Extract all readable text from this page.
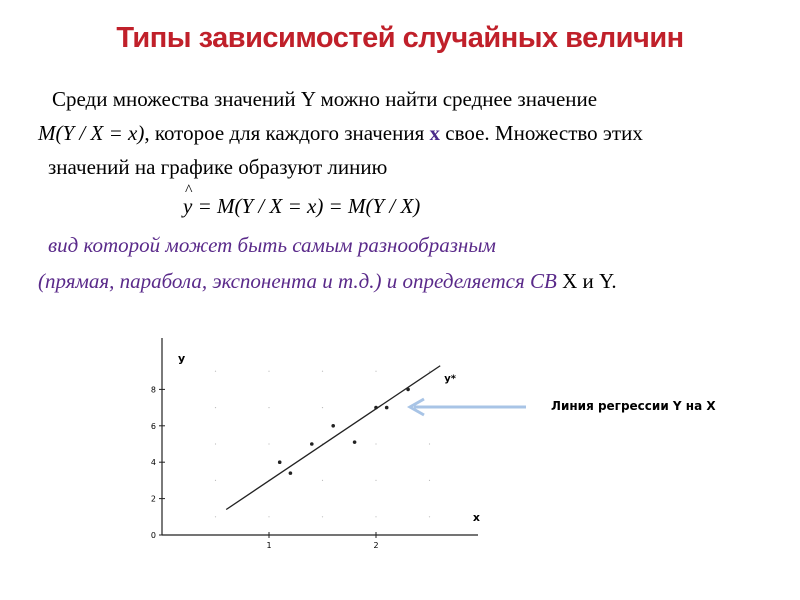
Типы зависимостей случайных величин
Среди множества значений Y можно найти среднее значение
M(Y / X = x), которое для каждого значения x свое. Множество этих
значений на графике образуют линию
^ y = M(Y / X = x) = M(Y / X)
вид которой может быть самым разнообразным
(прямая, парабола, экспонента и т.д.) и определяется СВ X и Y.
0
2
4
6
8
1	2
y
x
y*
Линия регрессии Y на X
